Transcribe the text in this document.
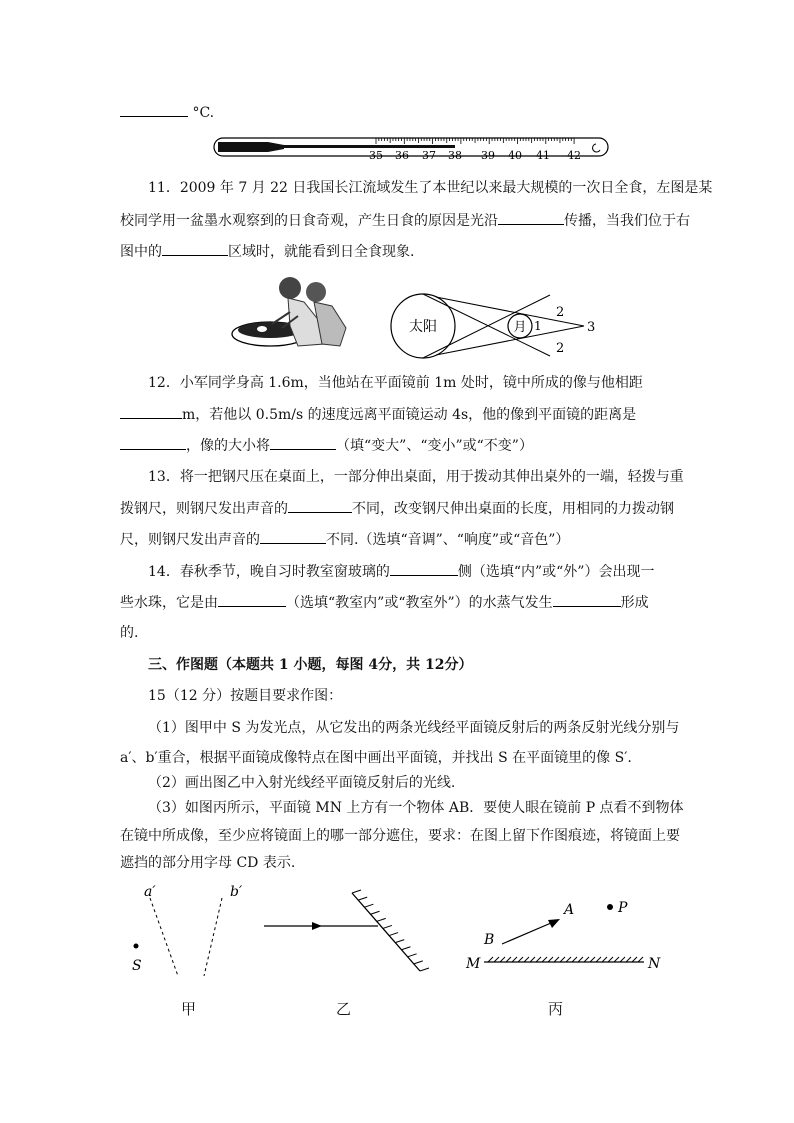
°C.
35 36 37 38 39 40 41 42
11．2009 年 7 月 22 日我国长江流域发生了本世纪以来最大规模的一次日全食，左图是某
校同学用一盆墨水观察到的日食奇观，产生日食的原因是光沿	传播，当我们位于右
图中的	区域时，就能看到日全食现象.
太阳	月 1
2
3
2
12．小军同学身高 1.6m，当他站在平面镜前 1m 处时，镜中所成的像与他相距
m，若他以 0.5m/s 的速度远离平面镜运动 4s，他的像到平面镜的距离是
，像的大小将	（填“变大”、“变小”或“不变”）
13．将一把钢尺压在桌面上，一部分伸出桌面，用于拨动其伸出桌外的一端，轻拨与重
拨钢尺，则钢尺发出声音的	不同，改变钢尺伸出桌面的长度，用相同的力拨动钢
尺，则钢尺发出声音的	不同.（选填“音调”、“响度”或“音色”）
14．春秋季节，晚自习时教室窗玻璃的	侧（选填“内”或“外”）会出现一
些水珠，它是由	（选填“教室内”或“教室外”）的水蒸气发生	形成
的.
三、作图题（本题共 1 小题，每图 4分，共 12分）
15（12 分）按题目要求作图：
（1）图甲中 S 为发光点，从它发出的两条光线经平面镜反射后的两条反射光线分别与
a′、b′重合，根据平面镜成像特点在图中画出平面镜，并找出 S 在平面镜里的像 S′.
（2）画出图乙中入射光线经平面镜反射后的光线.
（3）如图丙所示，平面镜 MN 上方有一个物体 AB．要使人眼在镜前 P 点看不到物体
在镜中所成像，至少应将镜面上的哪一部分遮住，要求：在图上留下作图痕迹，将镜面上要
遮挡的部分用字母 CD 表示.
a′	b′
S
甲	乙
A
B
P
M	N
丙
